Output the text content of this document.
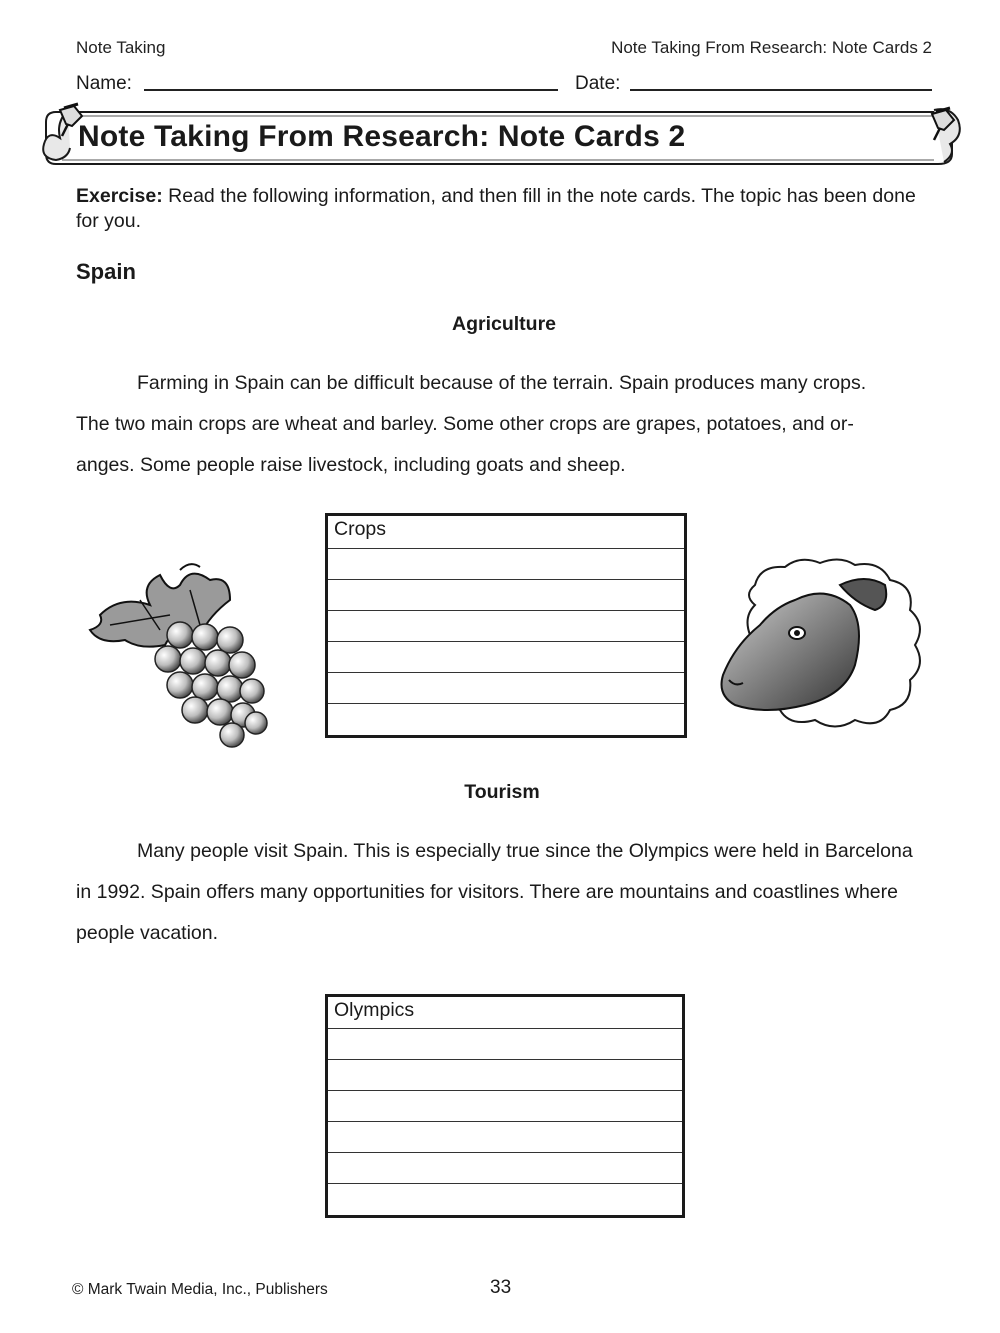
Note Taking	Note Taking From Research: Note Cards 2
Name:	Date:
Note Taking From Research: Note Cards 2
Exercise: Read the following information, and then fill in the note cards. The topic has been done for you.
Spain
Agriculture
Farming in Spain can be difficult because of the terrain. Spain produces many crops.
The two main crops are wheat and barley. Some other crops are grapes, potatoes, and or-
anges. Some people raise livestock, including goats and sheep.
Crops
Tourism
Many people visit Spain. This is especially true since the Olympics were held in Barcelona
in 1992. Spain offers many opportunities for visitors. There are mountains and coastlines where
people vacation.
Olympics
© Mark Twain Media, Inc., Publishers	33
